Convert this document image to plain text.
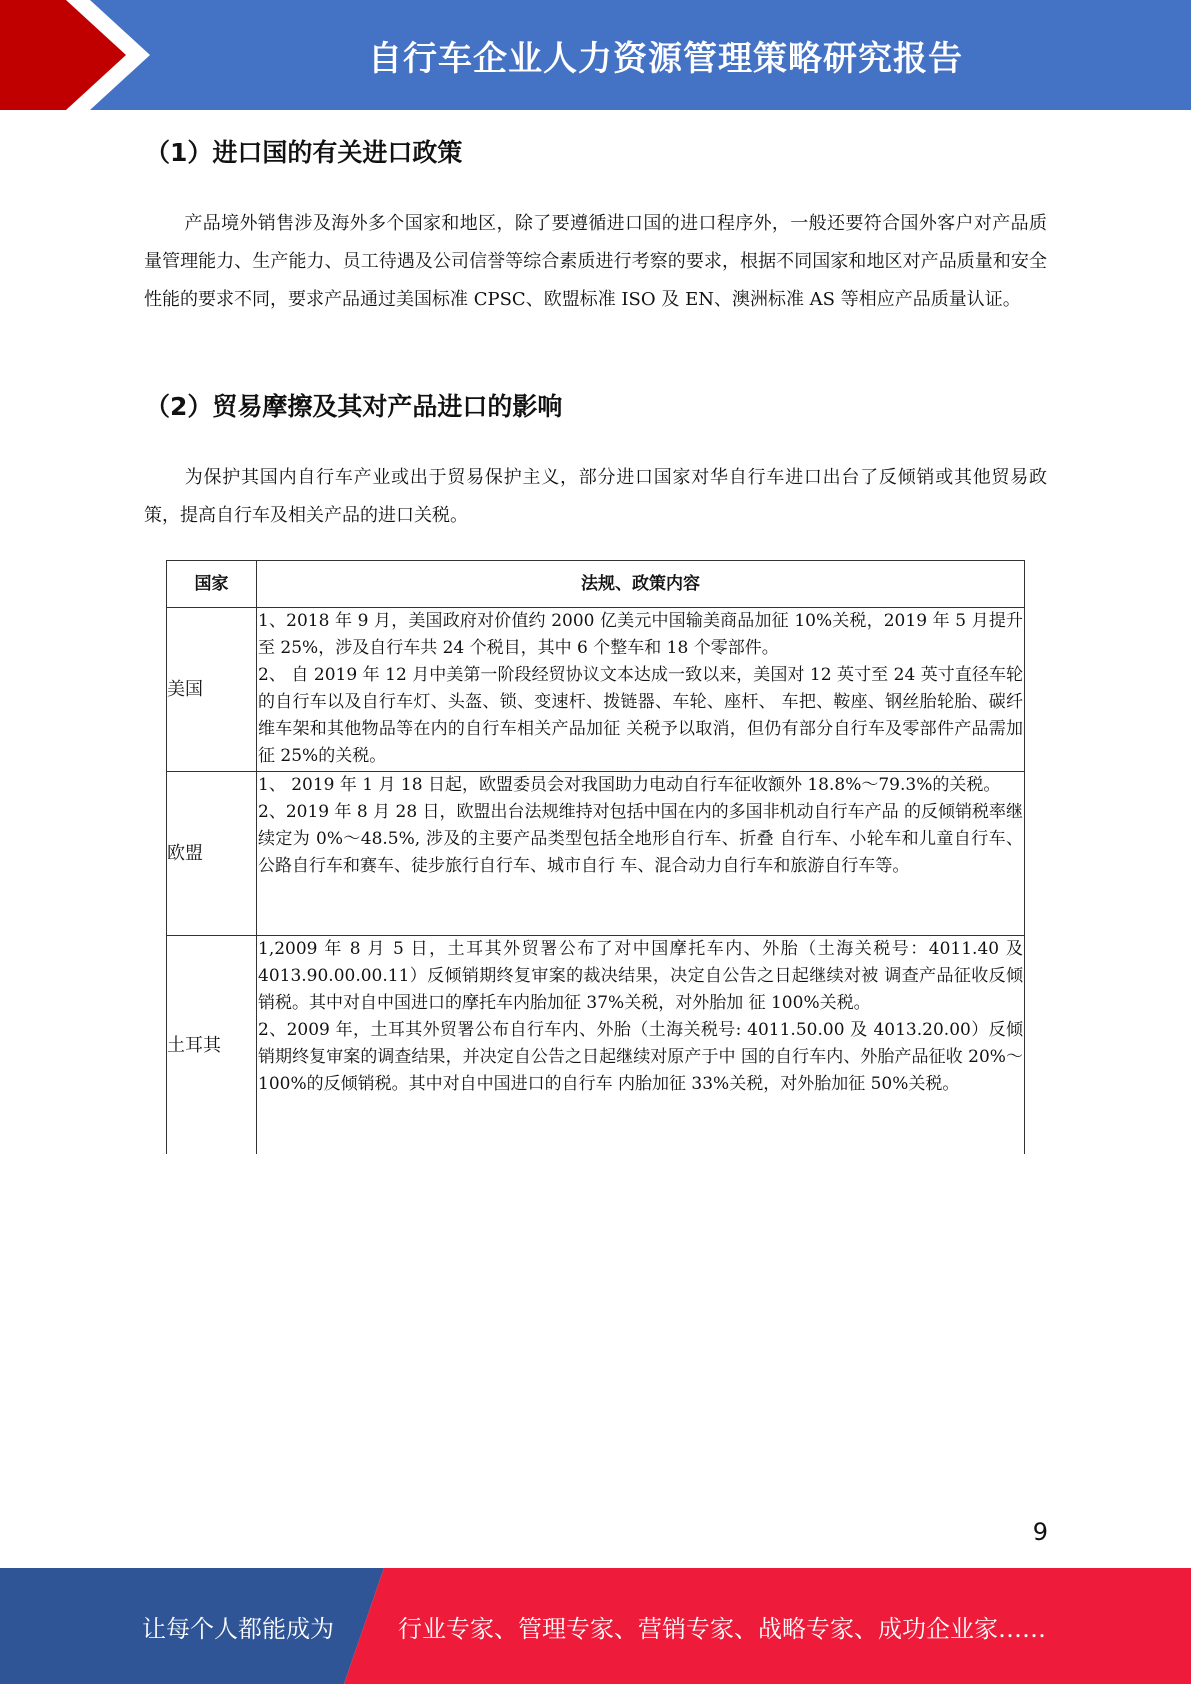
自行车企业人力资源管理策略研究报告
（1）进口国的有关进口政策
产品境外销售涉及海外多个国家和地区，除了要遵循进口国的进口程序外，一般还要符合国外客户对产品质量管理能力、生产能力、员工待遇及公司信誉等综合素质进行考察的要求，根据不同国家和地区对产品质量和安全性能的要求不同，要求产品通过美国标准 CPSC、欧盟标准 ISO 及 EN、澳洲标准 AS 等相应产品质量认证。
（2）贸易摩擦及其对产品进口的影响
为保护其国内自行车产业或出于贸易保护主义，部分进口国家对华自行车进口出台了反倾销或其他贸易政策，提高自行车及相关产品的进口关税。
国家	法规、政策内容
美国	1、2018 年 9 月，美国政府对价值约 2000 亿美元中国输美商品加征 10%关税，2019 年 5 月提升至 25%，涉及自行车共 24 个税目，其中 6 个整车和 18 个零部件。
2、 自 2019 年 12 月中美第一阶段经贸协议文本达成一致以来，美国对 12 英寸至 24 英寸直径车轮的自行车以及自行车灯、头盔、锁、变速杆、拨链器、车轮、座杆、 车把、鞍座、钢丝胎轮胎、碳纤维车架和其他物品等在内的自行车相关产品加征 关税予以取消，但仍有部分自行车及零部件产品需加征 25%的关税。

欧盟	1、 2019 年 1 月 18 日起，欧盟委员会对我国助力电动自行车征收额外 18.8%～79.3%的关税。
2、2019 年 8 月 28 日，欧盟出台法规维持对包括中国在内的多国非机动自行车产品 的反倾销税率继续定为 0%～48.5%, 涉及的主要产品类型包括全地形自行车、折叠 自行车、小轮车和儿童自行车、公路自行车和赛车、徒步旅行自行车、城市自行 车、混合动力自行车和旅游自行车等。

土耳其	1,2009 年 8 月 5 日，土耳其外贸署公布了对中国摩托车内、外胎（土海关税号：4011.40 及 4013.90.00.00.11）反倾销期终复审案的裁决结果，决定自公告之日起继续对被 调查产品征收反倾销税。其中对自中国进口的摩托车内胎加征 37%关税，对外胎加 征 100%关税。
2、2009 年，土耳其外贸署公布自行车内、外胎（土海关税号: 4011.50.00 及 4013.20.00）反倾销期终复审案的调查结果，并决定自公告之日起继续对原产于中 国的自行车内、外胎产品征收 20%～100%的反倾销税。其中对自中国进口的自行车 内胎加征 33%关税，对外胎加征 50%关税。
9
让每个人都能成为	行业专家、管理专家、营销专家、战略专家、成功企业家……
